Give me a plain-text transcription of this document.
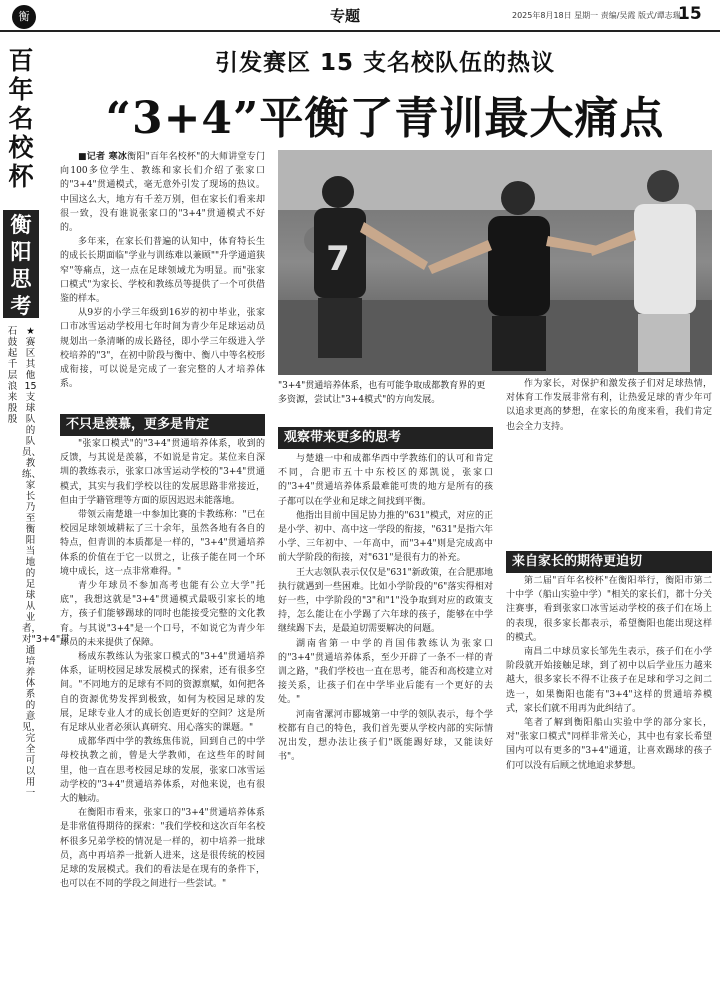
衡	专题	2025年8月18日 星期一 责编/吴霞 版式/谭志瑞
15
百
年
名
校
杯
衡
阳
思
考
石鼓起千层浪来殷殷
★赛区其他15支球队的队员、教练、家长乃至衡阳当地的足球从业者，对"3+4"贯通培养体系的意见，完全可以用一
引发赛区 15 支名校队伍的热议
“3+4”平衡了青训最大痛点

■记者 寒冰衡阳"百年名校杯"的大师讲堂专门向100多位学生、教练和家长们介绍了张家口的"3+4"贯通模式，毫无意外引发了现场的热议。中国这么大，地方有千差万别，但在家长们看来却很一致，没有谁说张家口的"3+4"贯通模式不好的。

多年来，在家长们普遍的认知中，体育特长生的成长长期面临"学业与训练难以兼顾""升学通道狭窄"等痛点，这一点在足球领域尤为明显。而"张家口模式"为家长、学校和教练员等提供了一个可供借鉴的样本。

从9岁的小学三年级到16岁的初中毕业，张家口市冰雪运动学校用七年时间为青少年足球运动员规划出一条清晰的成长路径，即小学三年级进入学校培养的"3"，在初中阶段与衡中、衡八中等名校形成衔接，可以说是完成了一套完整的人才培养体系。

不只是羡慕，更多是肯定

"张家口模式"的"3+4"贯通培养体系，收到的反馈，与其说是羡慕，不如说是肯定。某位来自深圳的教练表示，张家口冰雪运动学校的"3+4"贯通模式，其实与我们学校以往的发展思路非常接近，但由于学籍管理等方面的原因迟迟未能落地。

带领云南楚雄一中参加比赛的卡教练称："已在校园足球领域耕耘了三十余年，虽然各地有各自的特点，但青训的本质都是一样的，"3+4"贯通培养体系的价值在于它一以贯之，让孩子能在同一个环境中成长，这一点非常难得。"

青少年球员不参加高考也能有公立大学"托底"，我想这就是"3+4"贯通模式最吸引家长的地方，孩子们能够踢球的同时也能接受完整的文化教育。与其说"3+4"是一个口号，不如说它为青少年球员的未来提供了保障。

杨成东教练认为张家口模式的"3+4"贯通培养体系，证明校园足球发展模式的探索，还有很多空间。"不同地方的足球有不同的资源禀赋，如何把各自的资源优势发挥到极致，如何为校园足球的发展，足球专业人才的成长创造更好的空间？这是所有足球从业者必须认真研究、用心落实的课题。"

成都华西中学的教练焦伟说，回到自己的中学母校执教之前，曾是大学教师，在这些年的时间里，他一直在思考校园足球的发展，张家口冰雪运动学校的"3+4"贯通培养体系，对他来说，也有很大的触动。

在衡阳市看来，张家口的"3+4"贯通培养体系是非常值得期待的探索："我们学校和这次百年名校杯很多兄弟学校的情况是一样的，初中培养一批球员，高中再培养一批新人进来，这是很传统的校园足球的发展模式。我们的看法是在现有的条件下，也可以在不同的学段之间进行一些尝试。"

7
"3+4"贯通培养体系，也有可能争取成都教育界的更多资源，尝试让"3+4模式"的方向发展。
观察带来更多的思考

与楚雄一中和成都华西中学教练们的认可和肯定不同，合肥市五十中东校区的郑凯说，张家口的"3+4"贯通培养体系最难能可贵的地方是所有的孩子都可以在学业和足球之间找到平衡。

他指出目前中国足协力推的"631"模式，对应的正是小学、初中、高中这一学段的衔接，"631"是指六年小学、三年初中、一年高中，而"3+4"则是完成高中前大学阶段的衔接，对"631"是很有力的补充。

王大志领队表示仅仅是"631"新政策，在合肥那地执行就遇到一些困难。比如小学阶段的"6"落实得相对好一些，中学阶段的"3"和"1"没争取到对应的政策支持，怎么能让在小学踢了六年球的孩子，能够在中学继续踢下去，是最迫切需要解决的问题。

湖南省第一中学的肖国伟教练认为张家口的"3+4"贯通培养体系，至少开辟了一条不一样的青训之路，"我们学校也一直在思考，能否和高校建立对接关系，让孩子们在中学毕业后能有一个更好的去处。"

河南省漯河市郾城第一中学的领队表示，每个学校都有自己的特色，我们首先要从学校内部的实际情况出发，想办法让孩子们"既能踢好球，又能读好书"。

作为家长，对保护和激发孩子们对足球热情，对体育工作发展非常有利，让热爱足球的青少年可以追求更高的梦想，在家长的角度来看，我们肯定也会全力支持。

来自家长的期待更迫切

第二届"百年名校杯"在衡阳举行，衡阳市第二十中学（船山实验中学）"相关的家长们，都十分关注赛事，看到张家口冰雪运动学校的孩子们在场上的表现，很多家长都表示，希望衡阳也能出现这样的模式。

南昌二中球员家长邹先生表示，孩子们在小学阶段就开始接触足球，到了初中以后学业压力越来越大，很多家长不得不让孩子在足球和学习之间二选一，如果衡阳也能有"3+4"这样的贯通培养模式，家长们就不用再为此纠结了。

笔者了解到衡阳船山实验中学的部分家长，对"张家口模式"同样非常关心，其中也有家长希望国内可以有更多的"3+4"通道，让喜欢踢球的孩子们可以没有后顾之忧地追求梦想。
